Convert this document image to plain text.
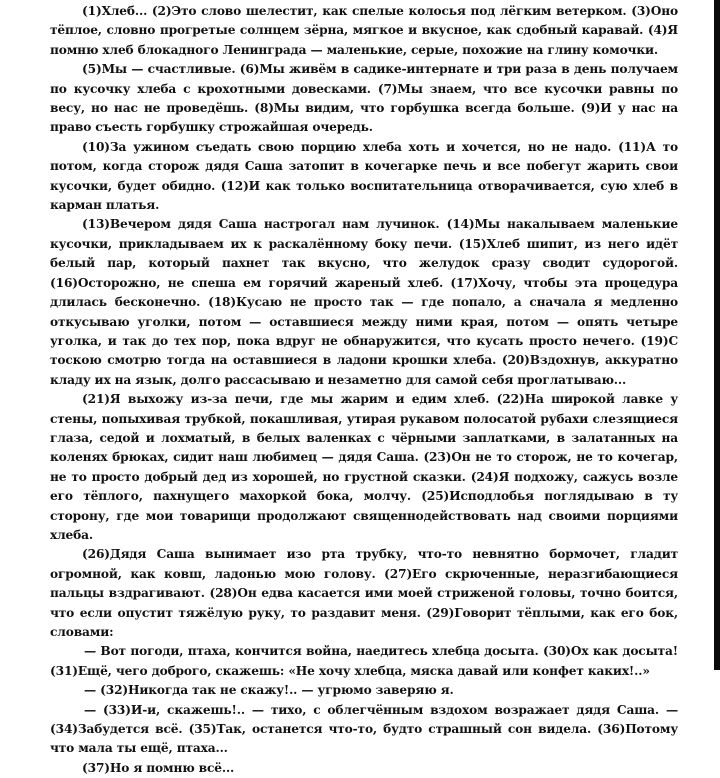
(1)Хлеб... (2)Это слово шелестит, как спелые колосья под лёгким ветерком. (3)Оно тёплое, словно прогретые солнцем зёрна, мягкое и вкусное, как сдобный каравай. (4)Я помню хлеб блокадного Ленинграда — маленькие, серые, похожие на глину комочки.

(5)Мы — счастливые. (6)Мы живём в садике-интернате и три раза в день получаем по кусочку хлеба с крохотными довесками. (7)Мы знаем, что все кусочки равны по весу, но нас не проведёшь. (8)Мы видим, что горбушка всегда больше. (9)И у нас на право съесть горбушку строжайшая очередь.

(10)За ужином съедать свою порцию хлеба хоть и хочется, но не надо. (11)А то потом, когда сторож дядя Саша затопит в кочегарке печь и все побегут жарить свои кусочки, будет обидно. (12)И как только воспитательница отворачивается, сую хлеб в карман платья.

(13)Вечером дядя Саша настрогал нам лучинок. (14)Мы накалываем маленькие кусочки, прикладываем их к раскалённому боку печи. (15)Хлеб шипит, из него идёт белый пар, который пахнет так вкусно, что желудок сразу сводит судорогой. (16)Осторожно, не спеша ем горячий жареный хлеб. (17)Хочу, чтобы эта процедура длилась бесконечно. (18)Кусаю не просто так — где попало, а сначала я медленно откусываю уголки, потом — оставшиеся между ними края, потом — опять четыре уголка, и так до тех пор, пока вдруг не обнаружится, что кусать просто нечего. (19)С тоскою смотрю тогда на оставшиеся в ладони крошки хлеба. (20)Вздохнув, аккуратно кладу их на язык, долго рассасываю и незаметно для самой себя проглатываю...

(21)Я выхожу из-за печи, где мы жарим и едим хлеб. (22)На широкой лавке у стены, попыхивая трубкой, покашливая, утирая рукавом полосатой рубахи слезящиеся глаза, седой и лохматый, в белых валенках с чёрными заплатками, в залатанных на коленях брюках, сидит наш любимец — дядя Саша. (23)Он не то сторож, не то кочегар, не то просто добрый дед из хорошей, но грустной сказки. (24)Я подхожу, сажусь возле его тёплого, пахнущего махоркой бока, молчу. (25)Исподлобья поглядываю в ту сторону, где мои товарищи продолжают священнодействовать над своими порциями хлеба.

(26)Дядя Саша вынимает изо рта трубку, что-то невнятно бормочет, гладит огромной, как ковш, ладонью мою голову. (27)Его скрюченные, неразгибающиеся пальцы вздрагивают. (28)Он едва касается ими моей стриженой головы, точно боится, что если опустит тяжёлую руку, то раздавит меня. (29)Говорит тёплыми, как его бок, словами:

— Вот погоди, птаха, кончится война, наедитесь хлебца досыта. (30)Ох как досыта! (31)Ещё, чего доброго, скажешь: «Не хочу хлебца, мяска давай или конфет каких!..»

— (32)Никогда так не скажу!.. — угрюмо заверяю я.

— (33)И-и, скажешь!.. — тихо, с облегчённым вздохом возражает дядя Саша. — (34)Забудется всё. (35)Так, останется что-то, будто страшный сон видела. (36)Потому что мала ты ещё, птаха...

(37)Но я помню всё...
